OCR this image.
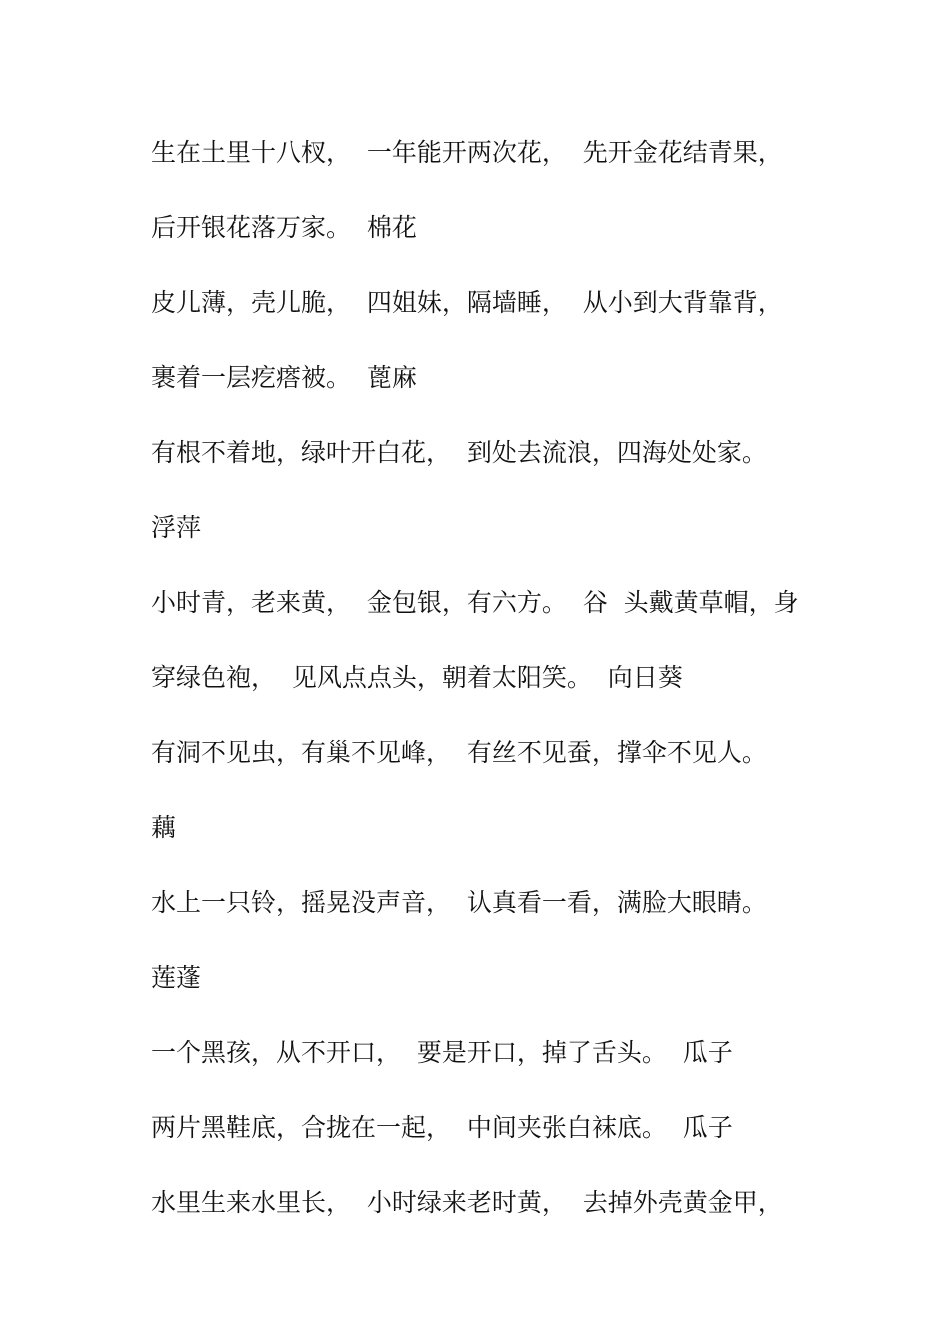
生在土里十八杈，  一年能开两次花，  先开金花结青果，
后开银花落万家。  棉花
皮儿薄，壳儿脆，  四姐妹，隔墙睡，  从小到大背靠背，
裹着一层疙瘩被。  蓖麻
有根不着地，绿叶开白花，  到处去流浪，四海处处家。
浮萍
小时青，老来黄，  金包银，有六方。  谷  头戴黄草帽，身
穿绿色袍，  见风点点头，朝着太阳笑。  向日葵
有洞不见虫，有巢不见峰，  有丝不见蚕，撑伞不见人。
藕
水上一只铃，摇晃没声音，  认真看一看，满脸大眼睛。
莲蓬
一个黑孩，从不开口，  要是开口，掉了舌头。  瓜子
两片黑鞋底，合拢在一起，  中间夹张白袜底。  瓜子
水里生来水里长，  小时绿来老时黄，  去掉外壳黄金甲，
